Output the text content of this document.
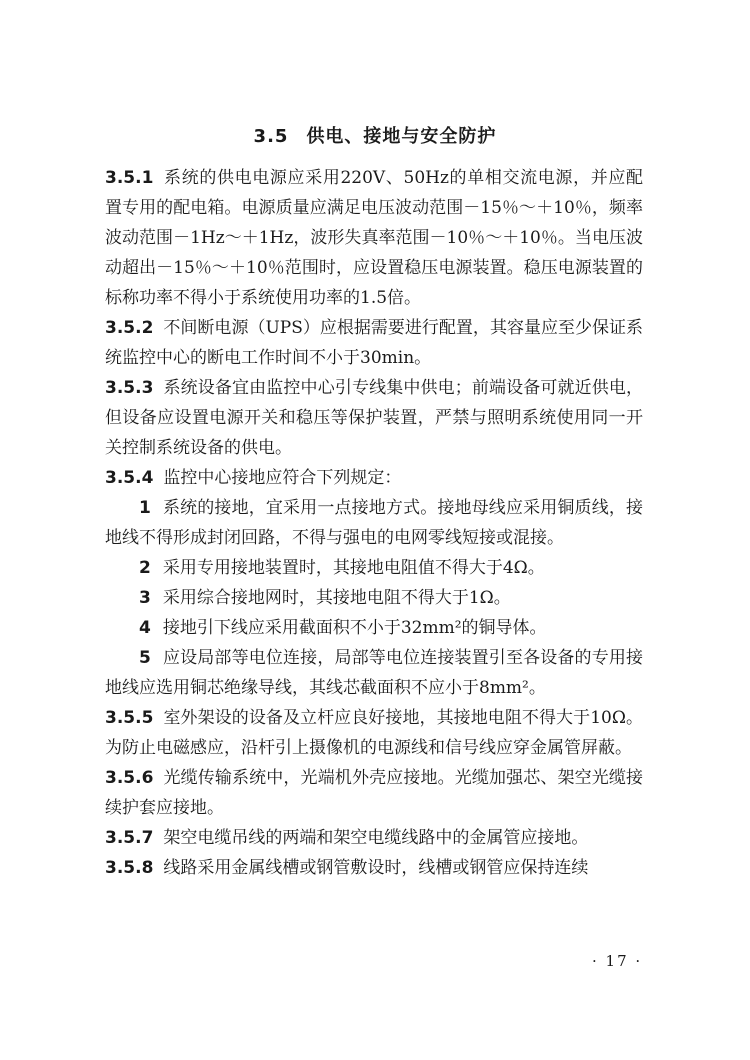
3.5 供电、接地与安全防护

3.5.1 系统的供电电源应采用220V、50Hz的单相交流电源，并应配置专用的配电箱。电源质量应满足电压波动范围－15％～＋10％，频率波动范围－1Hz～＋1Hz，波形失真率范围－10％～＋10％。当电压波动超出－15％～＋10％范围时，应设置稳压电源装置。稳压电源装置的标称功率不得小于系统使用功率的1.5倍。

3.5.2 不间断电源（UPS）应根据需要进行配置，其容量应至少保证系统监控中心的断电工作时间不小于30min。

3.5.3 系统设备宜由监控中心引专线集中供电；前端设备可就近供电，但设备应设置电源开关和稳压等保护装置，严禁与照明系统使用同一开关控制系统设备的供电。

3.5.4 监控中心接地应符合下列规定：

1 系统的接地，宜采用一点接地方式。接地母线应采用铜质线，接地线不得形成封闭回路，不得与强电的电网零线短接或混接。

2 采用专用接地装置时，其接地电阻值不得大于4Ω。

3 采用综合接地网时，其接地电阻不得大于1Ω。

4 接地引下线应采用截面积不小于32mm²的铜导体。

5 应设局部等电位连接，局部等电位连接装置引至各设备的专用接地线应选用铜芯绝缘导线，其线芯截面积不应小于8mm²。

3.5.5 室外架设的设备及立杆应良好接地，其接地电阻不得大于10Ω。为防止电磁感应，沿杆引上摄像机的电源线和信号线应穿金属管屏蔽。

3.5.6 光缆传输系统中，光端机外壳应接地。光缆加强芯、架空光缆接续护套应接地。

3.5.7 架空电缆吊线的两端和架空电缆线路中的金属管应接地。

3.5.8 线路采用金属线槽或钢管敷设时，线槽或钢管应保持连续

· 17 ·
